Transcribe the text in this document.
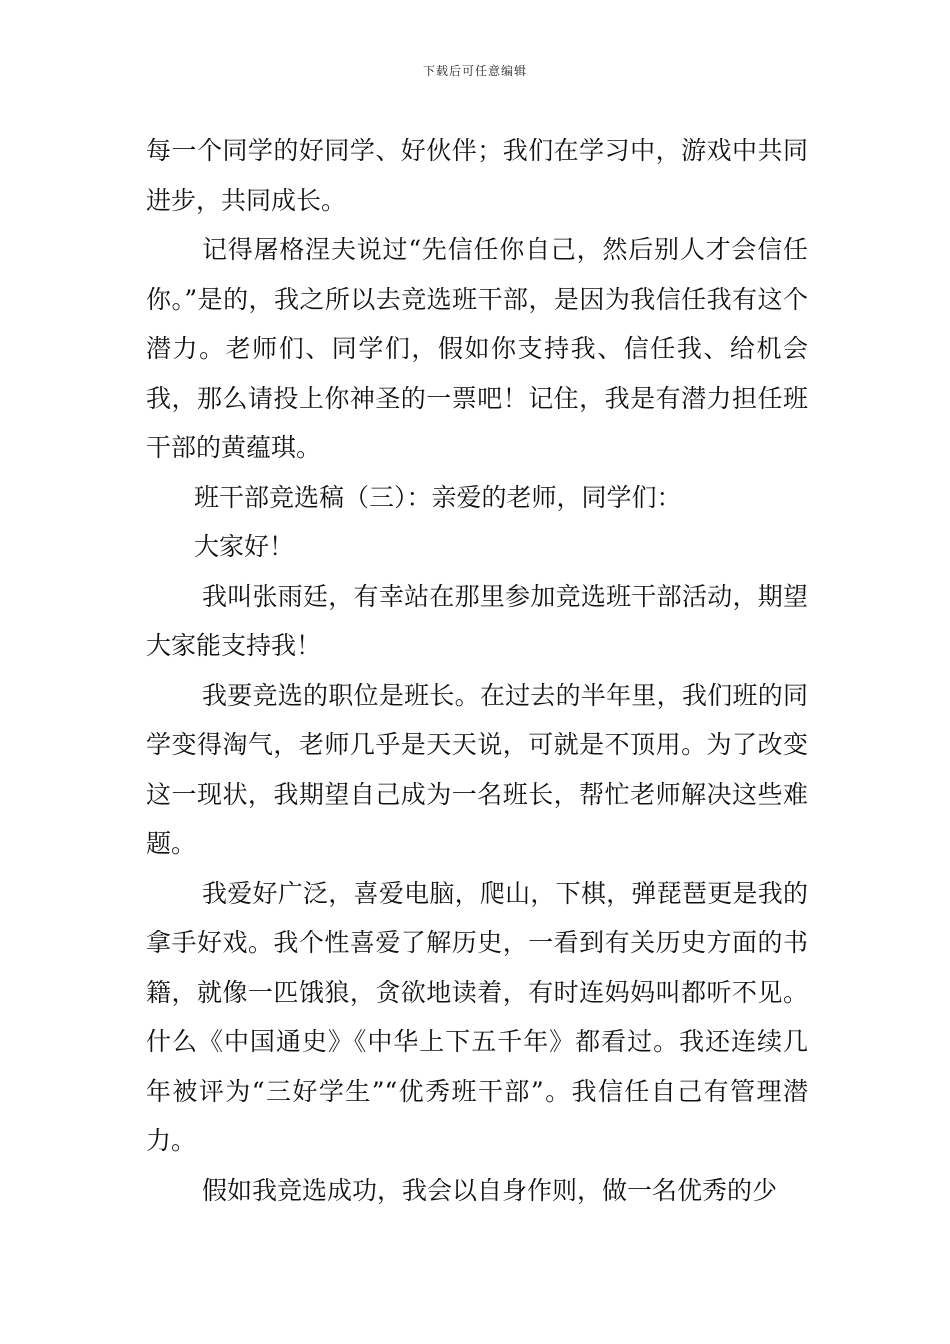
下载后可任意编辑

每一个同学的好同学、好伙伴；我们在学习中，游戏中共同进步，共同成长。

记得屠格涅夫说过“先信任你自己，然后别人才会信任你。”是的，我之所以去竞选班干部，是因为我信任我有这个潜力。老师们、同学们，假如你支持我、信任我、给机会我，那么请投上你神圣的一票吧！记住，我是有潜力担任班干部的黄蕴琪。

班干部竞选稿（三）：亲爱的老师，同学们：

大家好！

我叫张雨廷，有幸站在那里参加竞选班干部活动，期望大家能支持我！

我要竞选的职位是班长。在过去的半年里，我们班的同学变得淘气，老师几乎是天天说，可就是不顶用。为了改变这一现状，我期望自己成为一名班长，帮忙老师解决这些难题。

我爱好广泛，喜爱电脑，爬山，下棋，弹琵琶更是我的拿手好戏。我个性喜爱了解历史，一看到有关历史方面的书籍，就像一匹饿狼，贪欲地读着，有时连妈妈叫都听不见。什么《中国通史》《中华上下五千年》都看过。我还连续几年被评为“三好学生”“优秀班干部”。我信任自己有管理潜力。

假如我竞选成功，我会以自身作则，做一名优秀的少
